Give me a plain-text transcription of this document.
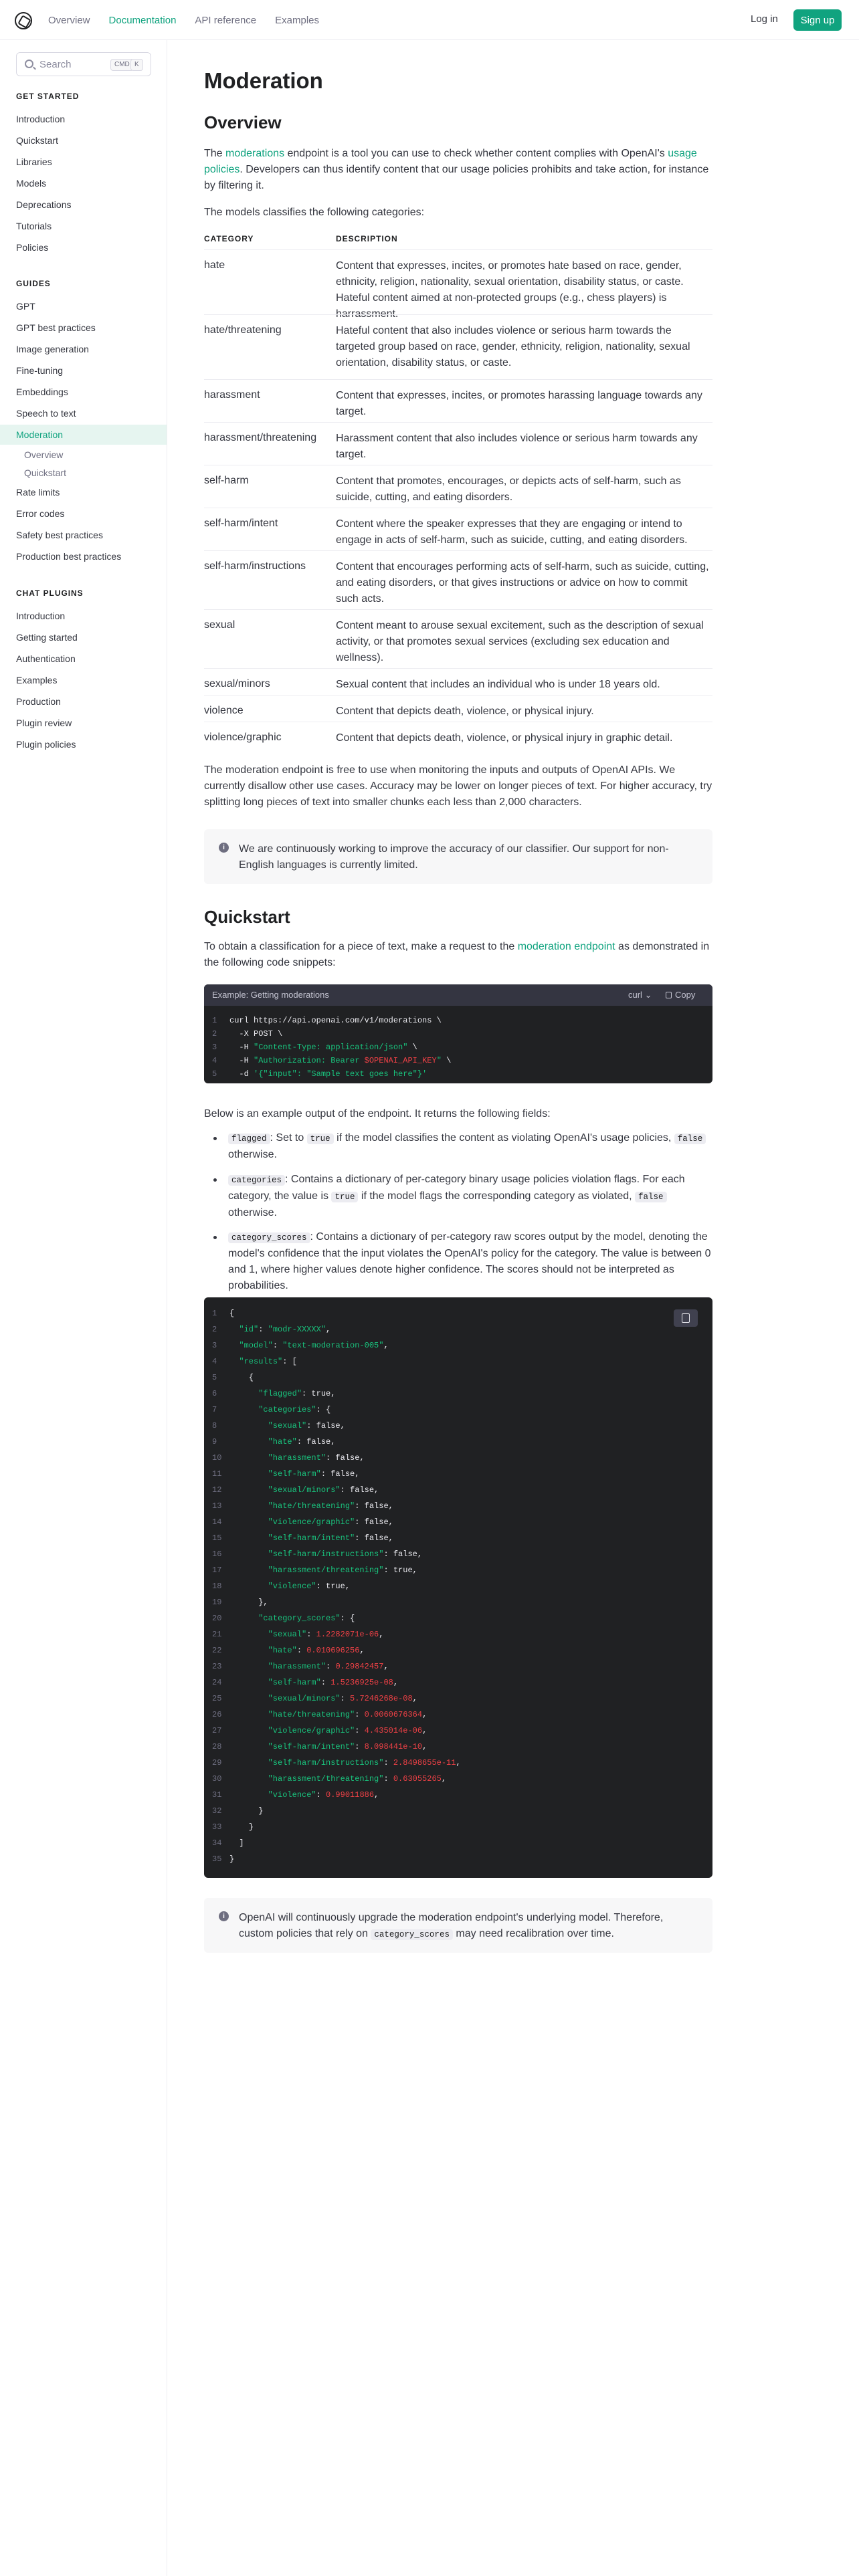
Overview Documentation API reference Examples	Log in	Sign up
Search	CMD K
GET STARTED
Introduction
Quickstart
Libraries
Models
Deprecations
Tutorials
Policies
GUIDES
GPT
GPT best practices
Image generation
Fine-tuning
Embeddings
Speech to text
Moderation
Overview
Quickstart
Rate limits
Error codes
Safety best practices
Production best practices
CHAT PLUGINS
Introduction
Getting started
Authentication
Examples
Production
Plugin review
Plugin policies
Moderation
Overview

The moderations endpoint is a tool you can use to check whether content complies with OpenAI's usage policies. Developers can thus identify content that our usage policies prohibits and take action, for instance by filtering it.

The models classifies the following categories:

CATEGORY	DESCRIPTION
hate	Content that expresses, incites, or promotes hate based on race, gender, ethnicity, religion, nationality, sexual orientation, disability status, or caste. Hateful content aimed at non-protected groups (e.g., chess players) is harrassment.
hate/threatening	Hateful content that also includes violence or serious harm towards the targeted group based on race, gender, ethnicity, religion, nationality, sexual orientation, disability status, or caste.
harassment	Content that expresses, incites, or promotes harassing language towards any target.
harassment/threatening Harassment content that also includes violence or serious harm towards any target.
self-harm	Content that promotes, encourages, or depicts acts of self-harm, such as suicide, cutting, and eating disorders.
self-harm/intent	Content where the speaker expresses that they are engaging or intend to engage in acts of self-harm, such as suicide, cutting, and eating disorders.
self-harm/instructions	Content that encourages performing acts of self-harm, such as suicide, cutting, and eating disorders, or that gives instructions or advice on how to commit such acts.
sexual	Content meant to arouse sexual excitement, such as the description of sexual activity, or that promotes sexual services (excluding sex education and wellness).
sexual/minors	Sexual content that includes an individual who is under 18 years old.
violence	Content that depicts death, violence, or physical injury.
violence/graphic	Content that depicts death, violence, or physical injury in graphic detail.

The moderation endpoint is free to use when monitoring the inputs and outputs of OpenAI APIs. We currently disallow other use cases. Accuracy may be lower on longer pieces of text. For higher accuracy, try splitting long pieces of text into smaller chunks each less than 2,000 characters.

i	We are continuously working to improve the accuracy of our classifier. Our support for non-English languages is currently limited.
Quickstart

To obtain a classification for a piece of text, make a request to the moderation endpoint as demonstrated in the following code snippets:

Example: Getting moderations	curl ⌄	Copy
1	curl https://api.openai.com/v1/moderations \
2	-X POST \
3	-H "Content-Type: application/json" \
4	-H "Authorization: Bearer $OPENAI_API_KEY" \
5	-d '{"input": "Sample text goes here"}'

Below is an example output of the endpoint. It returns the following fields:

flagged : Set to true if the model classifies the content as violating OpenAI's usage policies, false otherwise.
categories : Contains a dictionary of per-category binary usage policies violation flags. For each category, the value is true if the model flags the corresponding category as violated, false otherwise.
category_scores : Contains a dictionary of per-category raw scores output by the model, denoting the model's confidence that the input violates the OpenAI's policy for the category. The value is between 0 and 1, where higher values denote higher confidence. The scores should not be interpreted as probabilities.
1	{
2	"id": "modr-XXXXX",
3	"model": "text-moderation-005",
4	"results": [
5	{
6	"flagged": true,
7	"categories": {
8	"sexual": false,
9	"hate": false,
10	"harassment": false,
11	"self-harm": false,
12	"sexual/minors": false,
13	"hate/threatening": false,
14	"violence/graphic": false,
15	"self-harm/intent": false,
16	"self-harm/instructions": false,
17	"harassment/threatening": true,
18	"violence": true,
19 },
20	"category_scores": {
21	"sexual": 1.2282071e-06,
22	"hate": 0.010696256,
23	"harassment": 0.29842457,
24	"self-harm": 1.5236925e-08,
25	"sexual/minors": 5.7246268e-08,
26	"hate/threatening": 0.0060676364,
27	"violence/graphic": 4.435014e-06,
28	"self-harm/intent": 8.098441e-10,
29	"self-harm/instructions": 2.8498655e-11,
30	"harassment/threatening": 0.63055265,
31	"violence": 0.99011886,
32 }
33 }
34 ]
35 }
i	OpenAI will continuously upgrade the moderation endpoint's underlying model. Therefore, custom policies that rely on category_scores may need recalibration over time.
